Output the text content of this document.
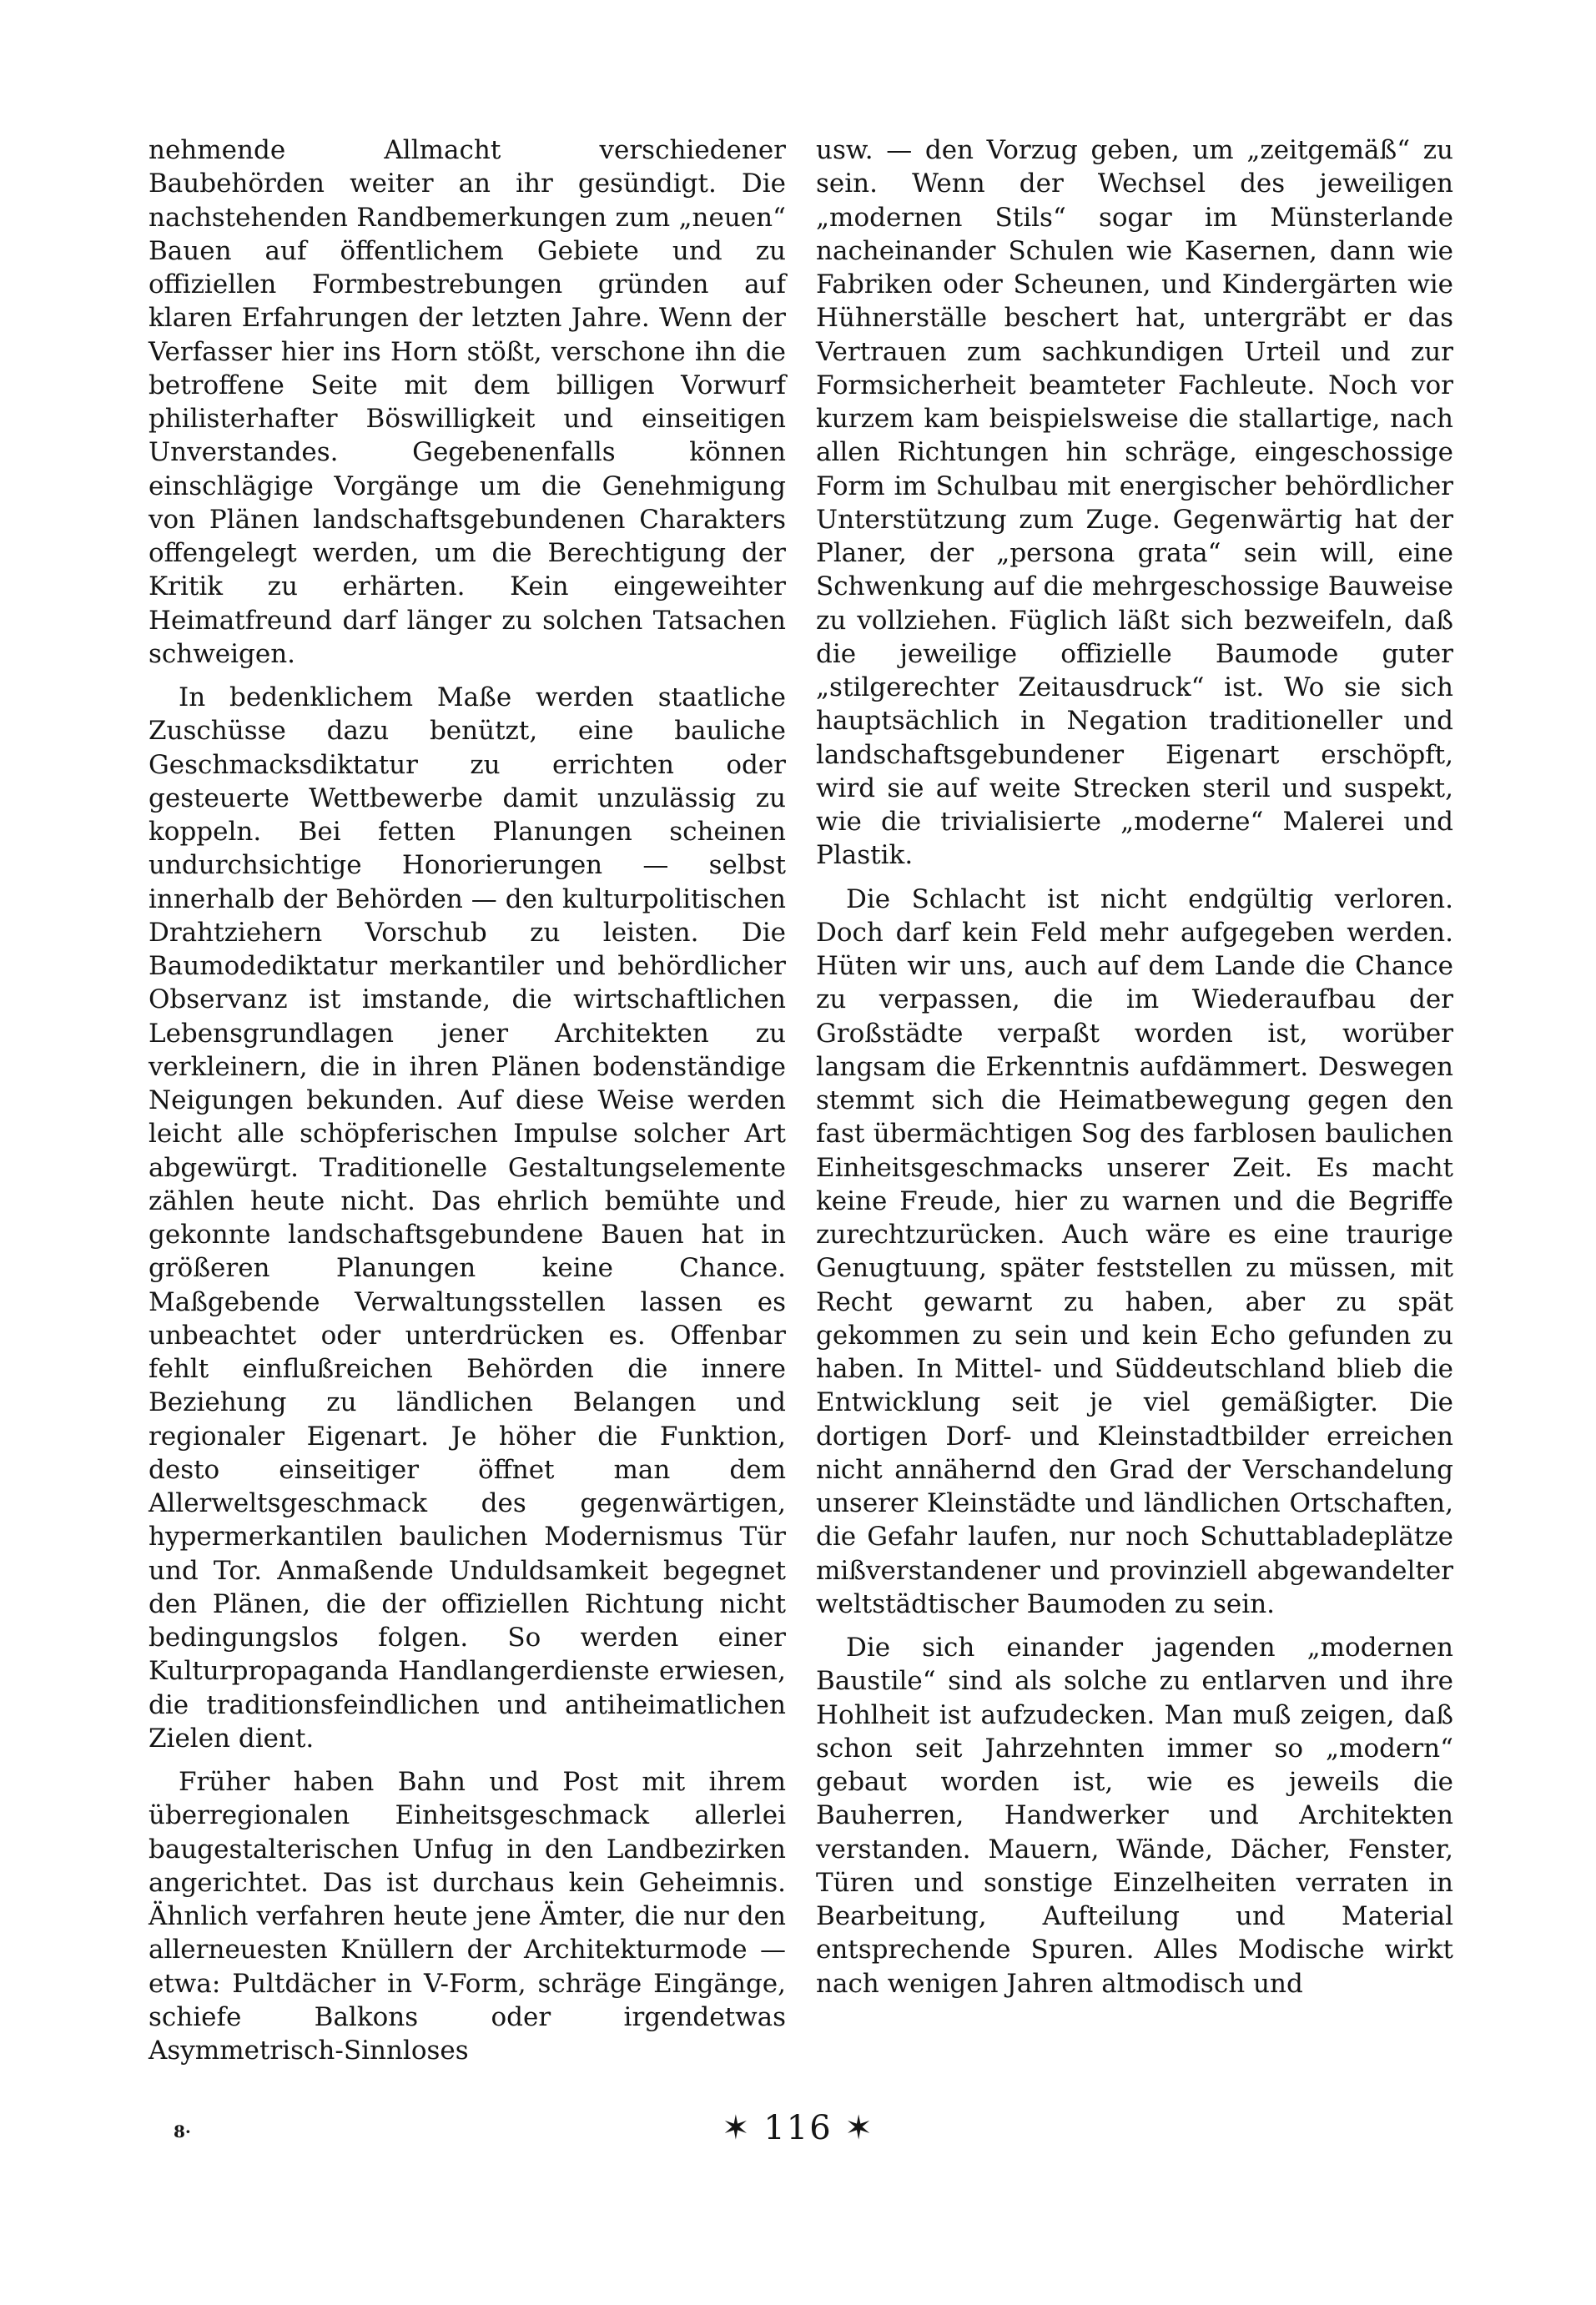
nehmende Allmacht verschiedener Baubehörden weiter an ihr gesündigt. Die nachstehenden Randbemerkungen zum „neuen“ Bauen auf öffentlichem Gebiete und zu offiziellen Formbestrebungen gründen auf klaren Erfahrungen der letzten Jahre. Wenn der Verfasser hier ins Horn stößt, verschone ihn die betroffene Seite mit dem billigen Vorwurf philisterhafter Böswilligkeit und einseitigen Unverstandes. Gegebenenfalls können einschlägige Vorgänge um die Genehmigung von Plänen landschaftsgebundenen Charakters offengelegt werden, um die Berechtigung der Kritik zu erhärten. Kein eingeweihter Heimatfreund darf länger zu solchen Tatsachen schweigen.

In bedenklichem Maße werden staatliche Zuschüsse dazu benützt, eine bauliche Geschmacksdiktatur zu errichten oder gesteuerte Wettbewerbe damit unzulässig zu koppeln. Bei fetten Planungen scheinen undurchsichtige Honorierungen — selbst innerhalb der Behörden — den kulturpolitischen Drahtziehern Vorschub zu leisten. Die Baumodediktatur merkantiler und behördlicher Observanz ist imstande, die wirtschaftlichen Lebensgrundlagen jener Architekten zu verkleinern, die in ihren Plänen bodenständige Neigungen bekunden. Auf diese Weise werden leicht alle schöpferischen Impulse solcher Art abgewürgt. Traditionelle Gestaltungselemente zählen heute nicht. Das ehrlich bemühte und gekonnte landschaftsgebundene Bauen hat in größeren Planungen keine Chance. Maßgebende Verwaltungsstellen lassen es unbeachtet oder unterdrücken es. Offenbar fehlt einflußreichen Behörden die innere Beziehung zu ländlichen Belangen und regionaler Eigenart. Je höher die Funktion, desto einseitiger öffnet man dem Allerweltsgeschmack des gegenwärtigen, hypermerkantilen baulichen Modernismus Tür und Tor. Anmaßende Unduldsamkeit begegnet den Plänen, die der offiziellen Richtung nicht bedingungslos folgen. So werden einer Kulturpropaganda Handlangerdienste erwiesen, die traditionsfeindlichen und antiheimatlichen Zielen dient.

Früher haben Bahn und Post mit ihrem überregionalen Einheitsgeschmack allerlei baugestalterischen Unfug in den Landbezirken angerichtet. Das ist durchaus kein Geheimnis. Ähnlich verfahren heute jene Ämter, die nur den allerneuesten Knüllern der Architekturmode — etwa: Pultdächer in V-Form, schräge Eingänge, schiefe Balkons oder irgendetwas Asymmetrisch-Sinnloses

usw. — den Vorzug geben, um „zeitgemäß“ zu sein. Wenn der Wechsel des jeweiligen „modernen Stils“ sogar im Münsterlande nacheinander Schulen wie Kasernen, dann wie Fabriken oder Scheunen, und Kindergärten wie Hühnerställe beschert hat, untergräbt er das Vertrauen zum sachkundigen Urteil und zur Formsicherheit beamteter Fachleute. Noch vor kurzem kam beispielsweise die stallartige, nach allen Richtungen hin schräge, eingeschossige Form im Schulbau mit energischer behördlicher Unterstützung zum Zuge. Gegenwärtig hat der Planer, der „persona grata“ sein will, eine Schwenkung auf die mehrgeschossige Bauweise zu vollziehen. Füglich läßt sich bezweifeln, daß die jeweilige offizielle Baumode guter „stilgerechter Zeitausdruck“ ist. Wo sie sich hauptsächlich in Negation traditioneller und landschaftsgebundener Eigenart erschöpft, wird sie auf weite Strecken steril und suspekt, wie die trivialisierte „moderne“ Malerei und Plastik.

Die Schlacht ist nicht endgültig verloren. Doch darf kein Feld mehr aufgegeben werden. Hüten wir uns, auch auf dem Lande die Chance zu verpassen, die im Wiederaufbau der Großstädte verpaßt worden ist, worüber langsam die Erkenntnis aufdämmert. Deswegen stemmt sich die Heimatbewegung gegen den fast übermächtigen Sog des farblosen baulichen Einheitsgeschmacks unserer Zeit. Es macht keine Freude, hier zu warnen und die Begriffe zurechtzurücken. Auch wäre es eine traurige Genugtuung, später feststellen zu müssen, mit Recht gewarnt zu haben, aber zu spät gekommen zu sein und kein Echo gefunden zu haben. In Mittel- und Süddeutschland blieb die Entwicklung seit je viel gemäßigter. Die dortigen Dorf- und Kleinstadtbilder erreichen nicht annähernd den Grad der Verschandelung unserer Kleinstädte und ländlichen Ortschaften, die Gefahr laufen, nur noch Schuttabladeplätze mißverstandener und provinziell abgewandelter weltstädtischer Baumoden zu sein.

Die sich einander jagenden „modernen Baustile“ sind als solche zu entlarven und ihre Hohlheit ist aufzudecken. Man muß zeigen, daß schon seit Jahrzehnten immer so „modern“ gebaut worden ist, wie es jeweils die Bauherren, Handwerker und Architekten verstanden. Mauern, Wände, Dächer, Fenster, Türen und sonstige Einzelheiten verraten in Bearbeitung, Aufteilung und Material entsprechende Spuren. Alles Modische wirkt nach wenigen Jahren altmodisch und

8·	✶ 116 ✶
